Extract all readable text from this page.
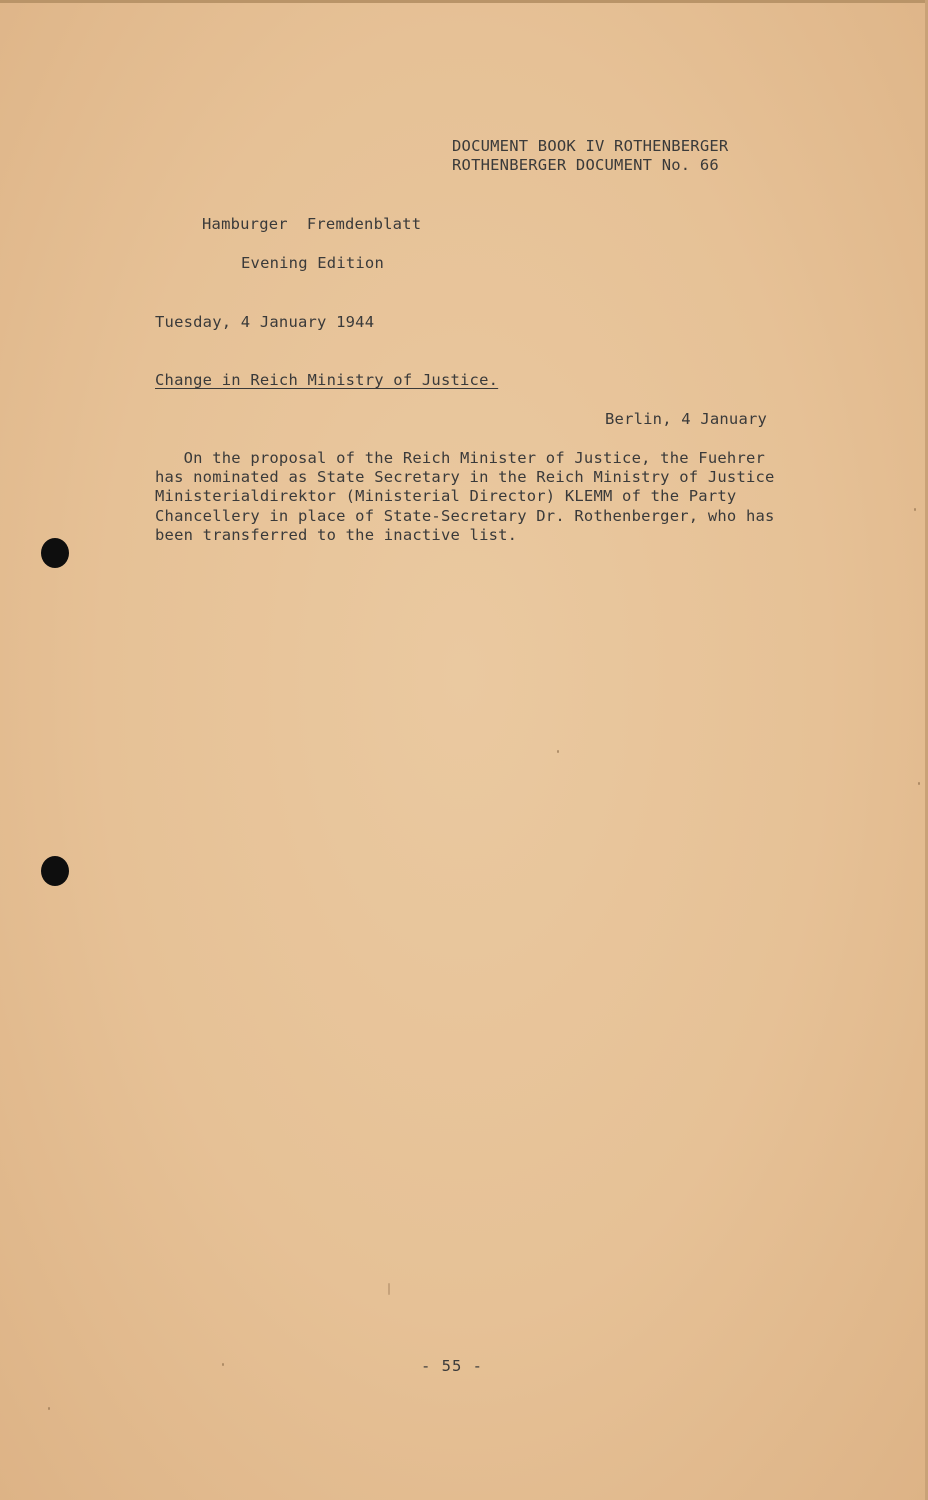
DOCUMENT BOOK IV ROTHENBERGER
ROTHENBERGER DOCUMENT No. 66
Hamburger  Fremdenblatt
Evening Edition
Tuesday, 4 January 1944
Change in Reich Ministry of Justice.
Berlin, 4 January
On the proposal of the Reich Minister of Justice, the Fuehrer
has nominated as State Secretary in the Reich Ministry of Justice
Ministerialdirektor (Ministerial Director) KLEMM of the Party
Chancellery in place of State-Secretary Dr. Rothenberger, who has
been transferred to the inactive list.
- 55 -
